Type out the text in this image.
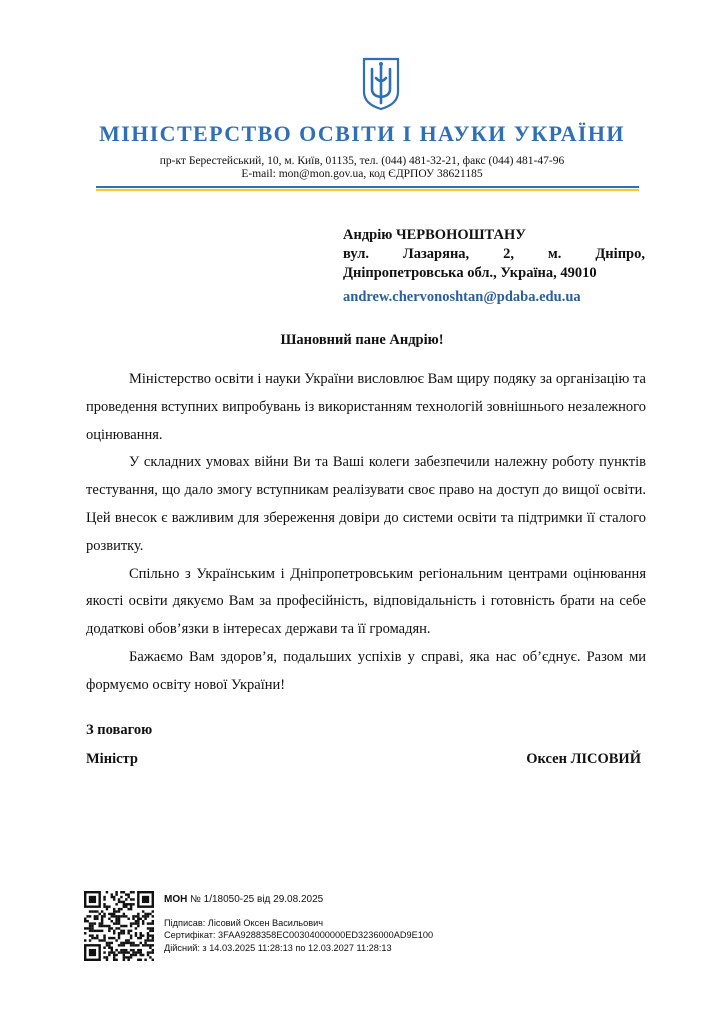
МІНІСТЕРСТВО ОСВІТИ І НАУКИ УКРАЇНИ
пр-кт Берестейський, 10, м. Київ, 01135, тел. (044) 481-32-21, факс (044) 481-47-96
E-mail: mon@mon.gov.ua, код ЄДРПОУ 38621185
Андрію ЧЕРВОНОШТАНУ
вул. Лазаряна, 2, м. Дніпро,
Дніпропетровська обл., Україна, 49010
andrew.chervonoshtan@pdaba.edu.ua
Шановний пане Андрію!

Міністерство освіти і науки України висловлює Вам щиру подяку за організацію та проведення вступних випробувань із використанням технологій зовнішнього незалежного оцінювання.

У складних умовах війни Ви та Ваші колеги забезпечили належну роботу пунктів тестування, що дало змогу вступникам реалізувати своє право на доступ до вищої освіти. Цей внесок є важливим для збереження довіри до системи освіти та підтримки її сталого розвитку.

Спільно з Українським і Дніпропетровським регіональним центрами оцінювання якості освіти дякуємо Вам за професійність, відповідальність і готовність брати на себе додаткові обов’язки в інтересах держави та її громадян.

Бажаємо Вам здоров’я, подальших успіхів у справі, яка нас об’єднує. Разом ми формуємо освіту нової України!

З повагою
Міністр	Оксен ЛІСОВИЙ
МОН № 1/18050-25 від 29.08.2025
Підписав: Лісовий Оксен Васильович
Сертифікат: 3FAA9288358EC00304000000ED3236000AD9E100
Дійсний: з 14.03.2025 11:28:13 по 12.03.2027 11:28:13
